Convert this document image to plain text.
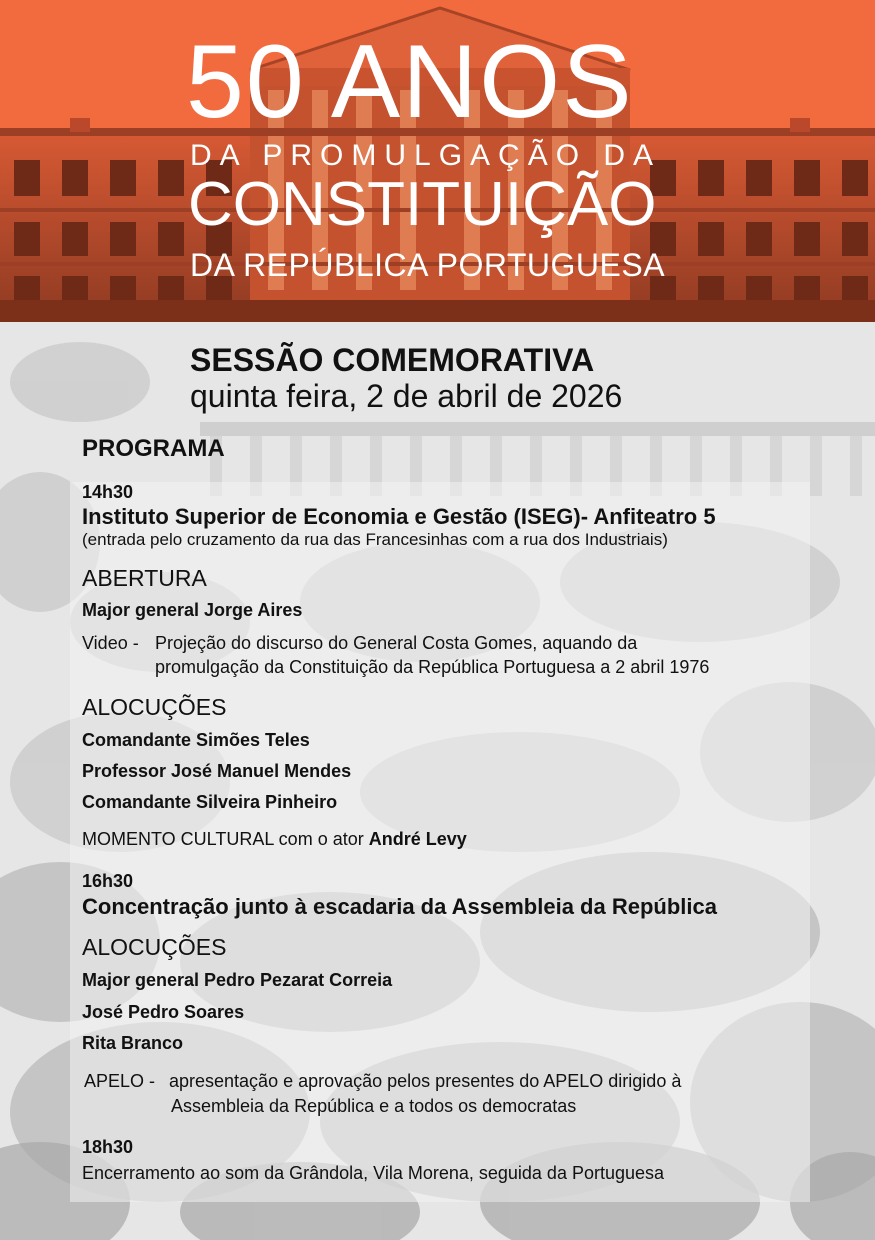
50 ANOS
DA PROMULGAÇÃO DA
CONSTITUIÇÃO
DA REPÚBLICA PORTUGUESA
SESSÃO COMEMORATIVA
quinta feira, 2 de abril de 2026
PROGRAMA
14h30
Instituto Superior de Economia e Gestão (ISEG)- Anfiteatro 5
(entrada pelo cruzamento da rua das Francesinhas com a rua dos Industriais)
ABERTURA
Major general Jorge Aires
Video - Projeção do discurso do General Costa Gomes, aquando da
promulgação da Constituição da República Portuguesa a 2 abril 1976
ALOCUÇÕES
Comandante Simões Teles
Professor José Manuel Mendes
Comandante Silveira Pinheiro
MOMENTO CULTURAL com o ator André Levy
16h30
Concentração junto à escadaria da Assembleia da República
ALOCUÇÕES
Major general Pedro Pezarat Correia
José Pedro Soares
Rita Branco
APELO - apresentação e aprovação pelos presentes do APELO dirigido à
Assembleia da República e a todos os democratas
18h30
Encerramento ao som da Grândola, Vila Morena, seguida da Portuguesa
